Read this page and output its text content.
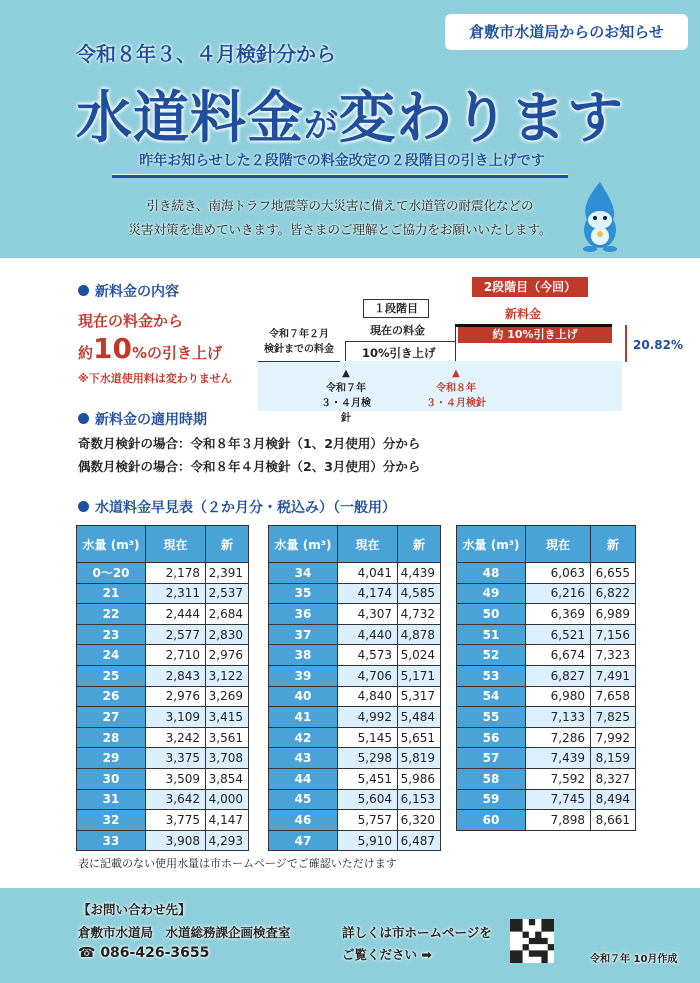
倉敷市水道局からのお知らせ
令和８年３、４月検針分から
水道料金が変わります
昨年お知らせした２段階での料金改定の２段階目の引き上げです
引き続き、南海トラフ地震等の大災害に備えて水道管の耐震化などの
災害対策を進めていきます。皆さまのご理解とご協力をお願いいたします。
新料金の内容
現在の料金から
約10%の引き上げ
※下水道使用料は変わりません
約 10%引き上げ
2段階目（今回）
新料金
１段階目
現在の料金
10%引き上げ
令和７年２月
検針までの料金
▲
令和７年
３・４月検針
▲
令和８年
３・４月検針
20.82%
新料金の適用時期
奇数月検針の場合：令和８年３月検針（1、2月使用）分から
偶数月検針の場合：令和８年４月検針（2、3月使用）分から
水道料金早見表（２か月分・税込み）（一般用）
水量 (m³)	現在	新
0～20	2,178	2,391
21	2,311	2,537
22	2,444	2,684
23	2,577	2,830
24	2,710	2,976
25	2,843	3,122
26	2,976	3,269
27	3,109	3,415
28	3,242	3,561
29	3,375	3,708
30	3,509	3,854
31	3,642	4,000
32	3,775	4,147
33	3,908	4,293
水量 (m³)	現在	新
34	4,041	4,439
35	4,174	4,585
36	4,307	4,732
37	4,440	4,878
38	4,573	5,024
39	4,706	5,171
40	4,840	5,317
41	4,992	5,484
42	5,145	5,651
43	5,298	5,819
44	5,451	5,986
45	5,604	6,153
46	5,757	6,320
47	5,910	6,487
水量 (m³)	現在	新
48	6,063	6,655
49	6,216	6,822
50	6,369	6,989
51	6,521	7,156
52	6,674	7,323
53	6,827	7,491
54	6,980	7,658
55	7,133	7,825
56	7,286	7,992
57	7,439	8,159
58	7,592	8,327
59	7,745	8,494
60	7,898	8,661
表に記載のない使用水量は市ホームページでご確認いただけます
【お問い合わせ先】
倉敷市水道局　水道総務課企画検査室
☎ 086-426-3655
詳しくは市ホームページを
ご覧ください ➡	令和７年 10月作成
